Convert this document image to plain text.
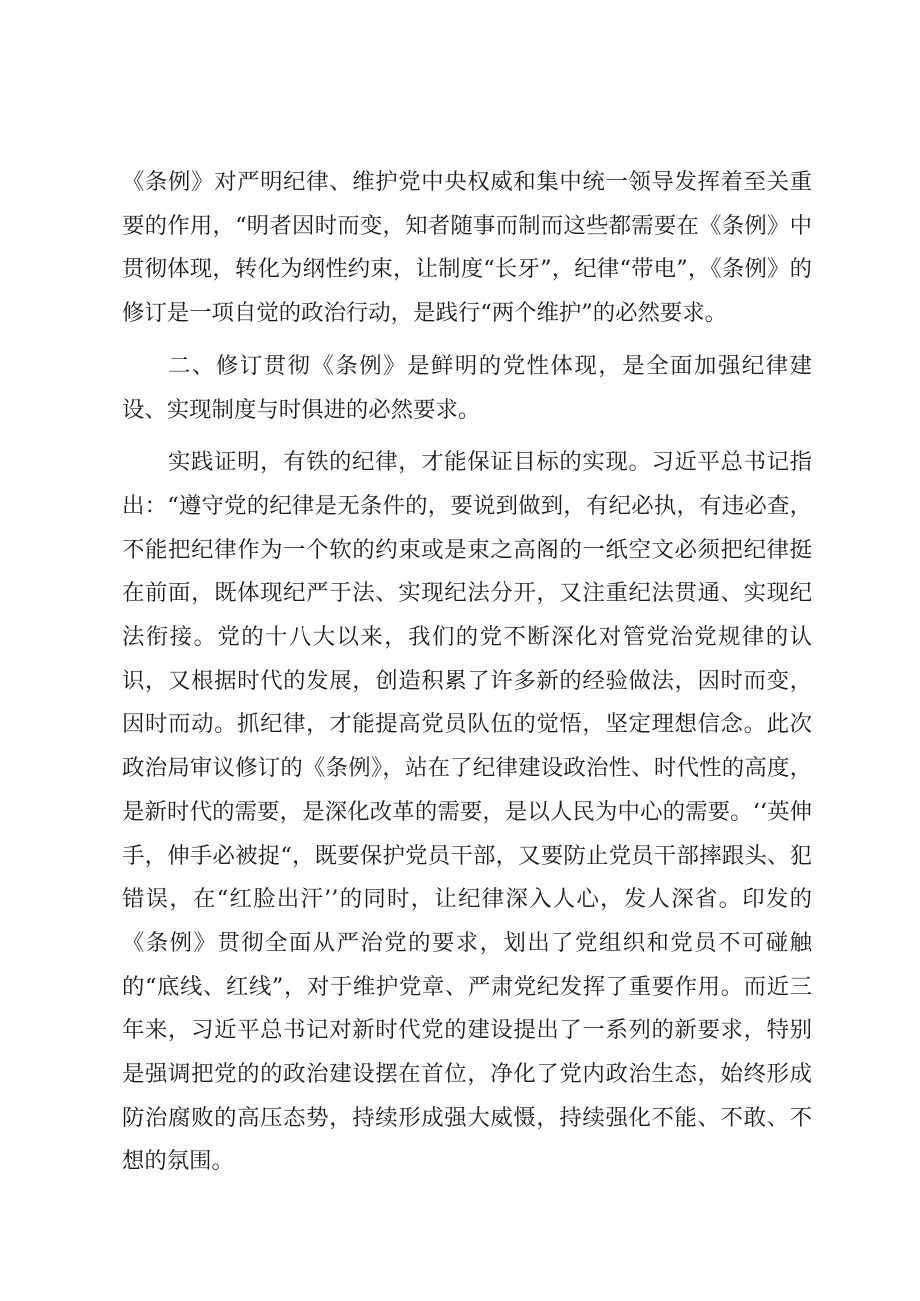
《条例》对严明纪律、维护党中央权威和集中统一领导发挥着至关重要的作用，“明者因时而变，知者随事而制而这些都需要在《条例》中贯彻体现，转化为纲性约束，让制度“长牙”，纪律“带电”，《条例》的修订是一项自觉的政治行动，是践行“两个维护”的必然要求。

二、修订贯彻《条例》是鲜明的党性体现，是全面加强纪律建设、实现制度与时俱进的必然要求。

实践证明，有铁的纪律，才能保证目标的实现。习近平总书记指出：“遵守党的纪律是无条件的，要说到做到，有纪必执，有违必查，不能把纪律作为一个软的约束或是束之高阁的一纸空文必须把纪律挺在前面，既体现纪严于法、实现纪法分开，又注重纪法贯通、实现纪法衔接。党的十八大以来，我们的党不断深化对管党治党规律的认识，又根据时代的发展，创造积累了许多新的经验做法，因时而变，因时而动。抓纪律，才能提高党员队伍的觉悟，坚定理想信念。此次政治局审议修订的《条例》，站在了纪律建设政治性、时代性的高度，是新时代的需要，是深化改革的需要，是以人民为中心的需要。‘‘英伸手，伸手必被捉“，既要保护党员干部，又要防止党员干部摔跟头、犯错误，在“红脸出汗’’的同时，让纪律深入人心，发人深省。印发的《条例》贯彻全面从严治党的要求，划出了党组织和党员不可碰触的“底线、红线”，对于维护党章、严肃党纪发挥了重要作用。而近三年来，习近平总书记对新时代党的建设提出了一系列的新要求，特别是强调把党的的政治建设摆在首位，净化了党内政治生态，始终形成防治腐败的高压态势，持续形成强大威慑，持续强化不能、不敢、不想的氛围。
